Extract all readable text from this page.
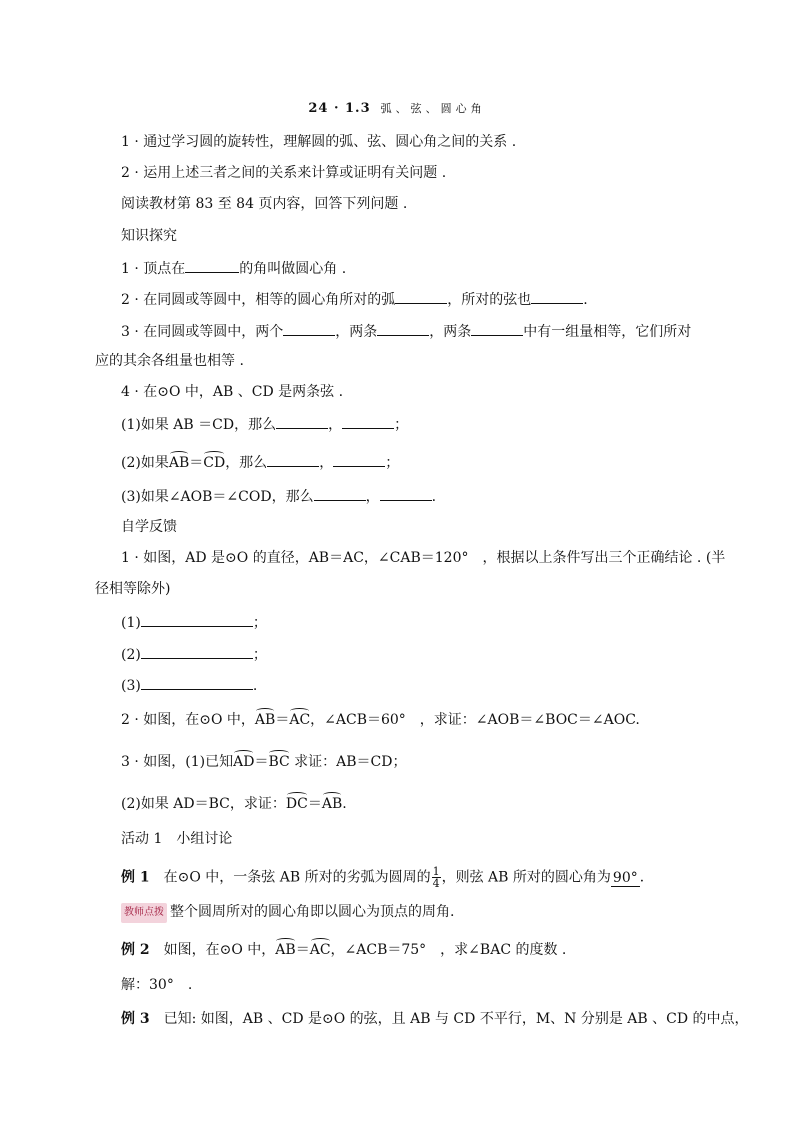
24 · 1.3 弧、弦、圆心角
1 · 通过学习圆的旋转性，理解圆的弧、弦、圆心角之间的关系 .
2 · 运用上述三者之间的关系来计算或证明有关问题 .
阅读教材第 83 至 84 页内容，回答下列问题 .
知识探究
1 · 顶点在	的角叫做圆心角 .
2 · 在同圆或等圆中，相等的圆心角所对的弧	，所对的弦也	.
3 · 在同圆或等圆中，两个	，两条	，两条	中有一组量相等，它们所对
应的其余各组量也相等 .
4 · 在⊙O 中，AB 、CD 是两条弦 .
(1)如果 AB ＝CD，那么	，	；
(2)如果AB＝CD，那么	，	；
(3)如果∠AOB＝∠COD，那么	，	.
自学反馈
1 · 如图，AD 是⊙O 的直径，AB＝AC，∠CAB＝120°　，根据以上条件写出三个正确结论 . (半
径相等除外)
(1)	；
(2)	；
(3)	.
2 · 如图，在⊙O 中，AB＝AC，∠ACB＝60°　，求证：∠AOB＝∠BOC＝∠AOC.
3 · 如图，(1)已知AD＝BC 求证：AB＝CD；
(2)如果 AD＝BC，求证：DC＝AB.
活动 1　小组讨论
例 1　在⊙O 中，一条弦 AB 所对的劣弧为圆周的 $\frac{1}{4}$ ，则弦 AB 所对的圆心角为 90° ．
教师点拨 整个圆周所对的圆心角即以圆心为顶点的周角.
例 2　如图，在⊙O 中，AB＝AC，∠ACB＝75°　，求∠BAC 的度数 .
解：30°　.
例 3　已知: 如图，AB 、CD 是⊙O 的弦，且 AB 与 CD 不平行，M、N 分别是 AB 、CD 的中点，
